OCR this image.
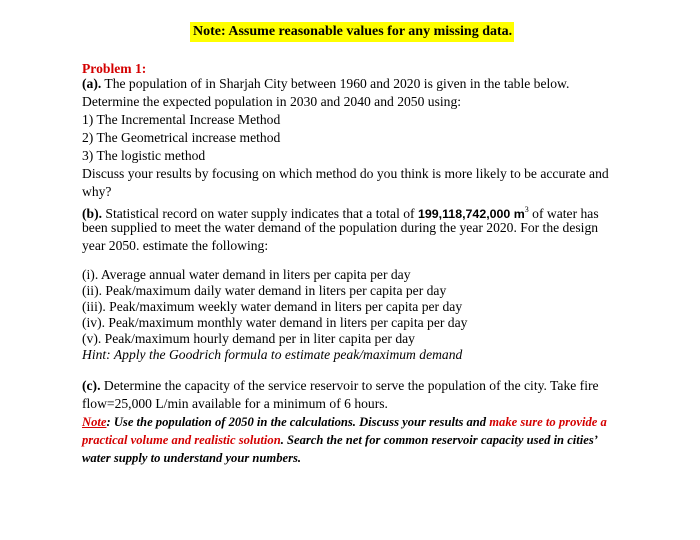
Note: Assume reasonable values for any missing data.
Problem 1:
(a). The population of in Sharjah City between 1960 and 2020 is given in the table below.
Determine the expected population in 2030 and 2040 and 2050 using:
1) The Incremental Increase Method
2) The Geometrical increase method
3) The logistic method
Discuss your results by focusing on which method do you think is more likely to be accurate and
why?
(b). Statistical record on water supply indicates that a total of 199,118,742,000 $m^3$ of water has
been supplied to meet the water demand of the population during the year 2020. For the design
year 2050. estimate the following:
(i). Average annual water demand in liters per capita per day
(ii). Peak/maximum daily water demand in liters per capita per day
(iii). Peak/maximum weekly water demand in liters per capita per day
(iv). Peak/maximum monthly water demand in liters per capita per day
(v). Peak/maximum hourly demand per in liter capita per day
Hint: Apply the Goodrich formula to estimate peak/maximum demand
(c). Determine the capacity of the service reservoir to serve the population of the city. Take fire
flow=25,000 L/min available for a minimum of 6 hours.
Note: Use the population of 2050 in the calculations. Discuss your results and make sure to provide a
practical volume and realistic solution. Search the net for common reservoir capacity used in cities’
water supply to understand your numbers.
